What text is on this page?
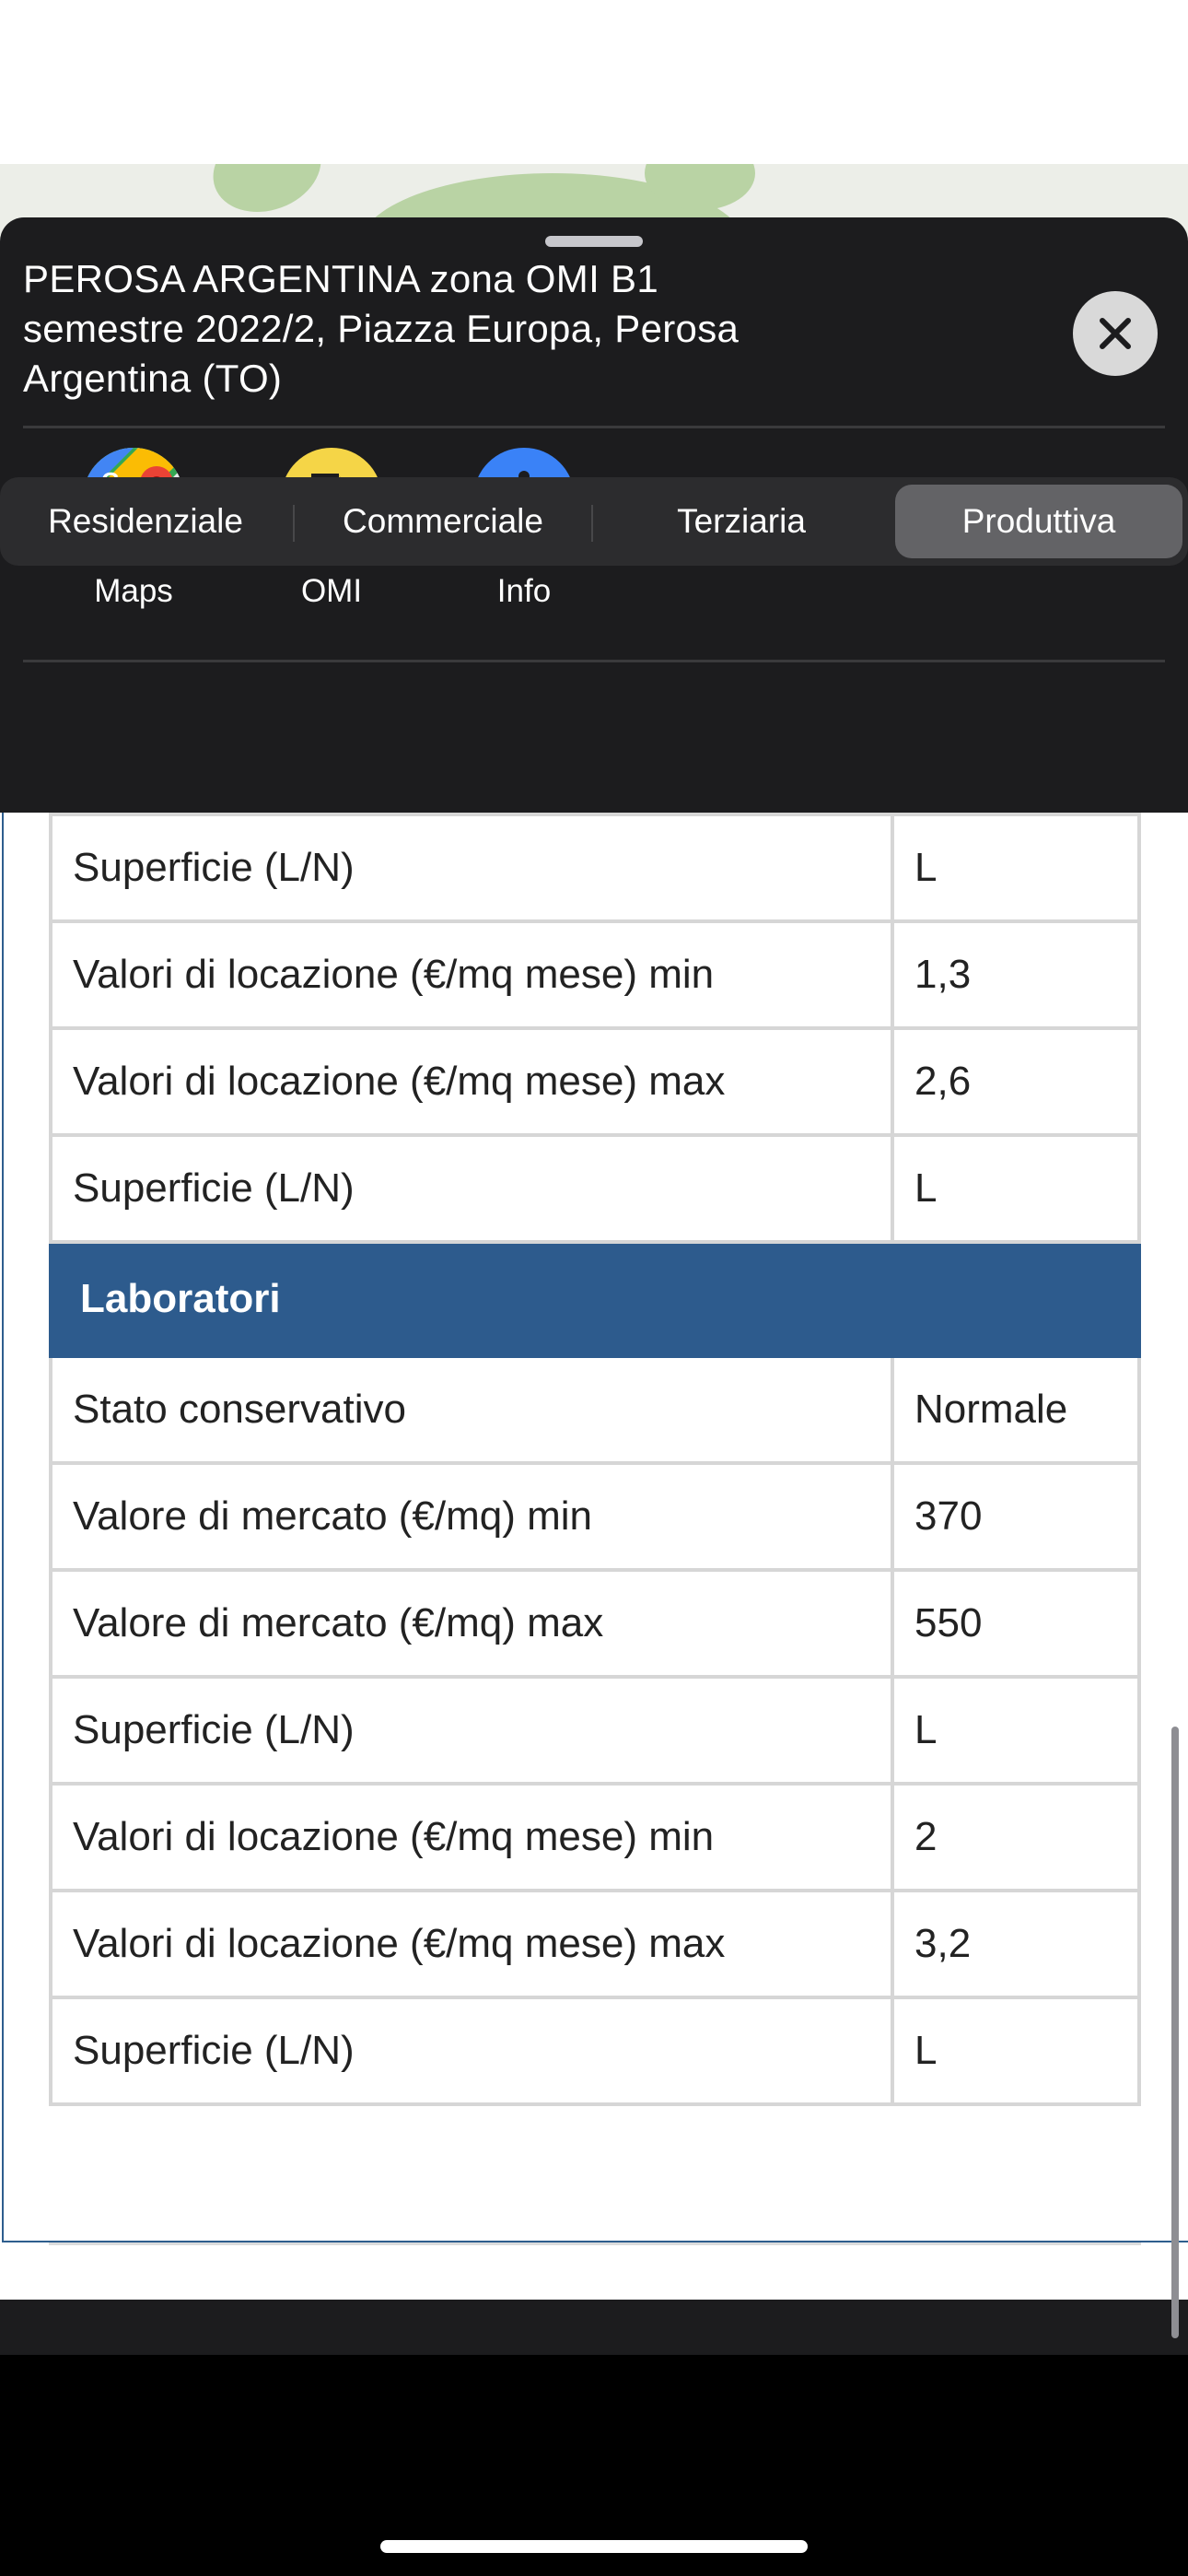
PEROSA ARGENTINA zona OMI B1 semestre 2022/2, Piazza Europa, Perosa Argentina (TO)
Maps	OMI	Info
Residenziale	Commerciale	Terziaria	Produttiva
Superficie (L/N)	L
Valori di locazione (€/mq mese) min	1,3
Valori di locazione (€/mq mese) max	2,6
Superficie (L/N)	L
Laboratori	
Stato conservativo	Normale
Valore di mercato (€/mq) min	370
Valore di mercato (€/mq) max	550
Superficie (L/N)	L
Valori di locazione (€/mq mese) min	2
Valori di locazione (€/mq mese) max	3,2
Superficie (L/N)	L
